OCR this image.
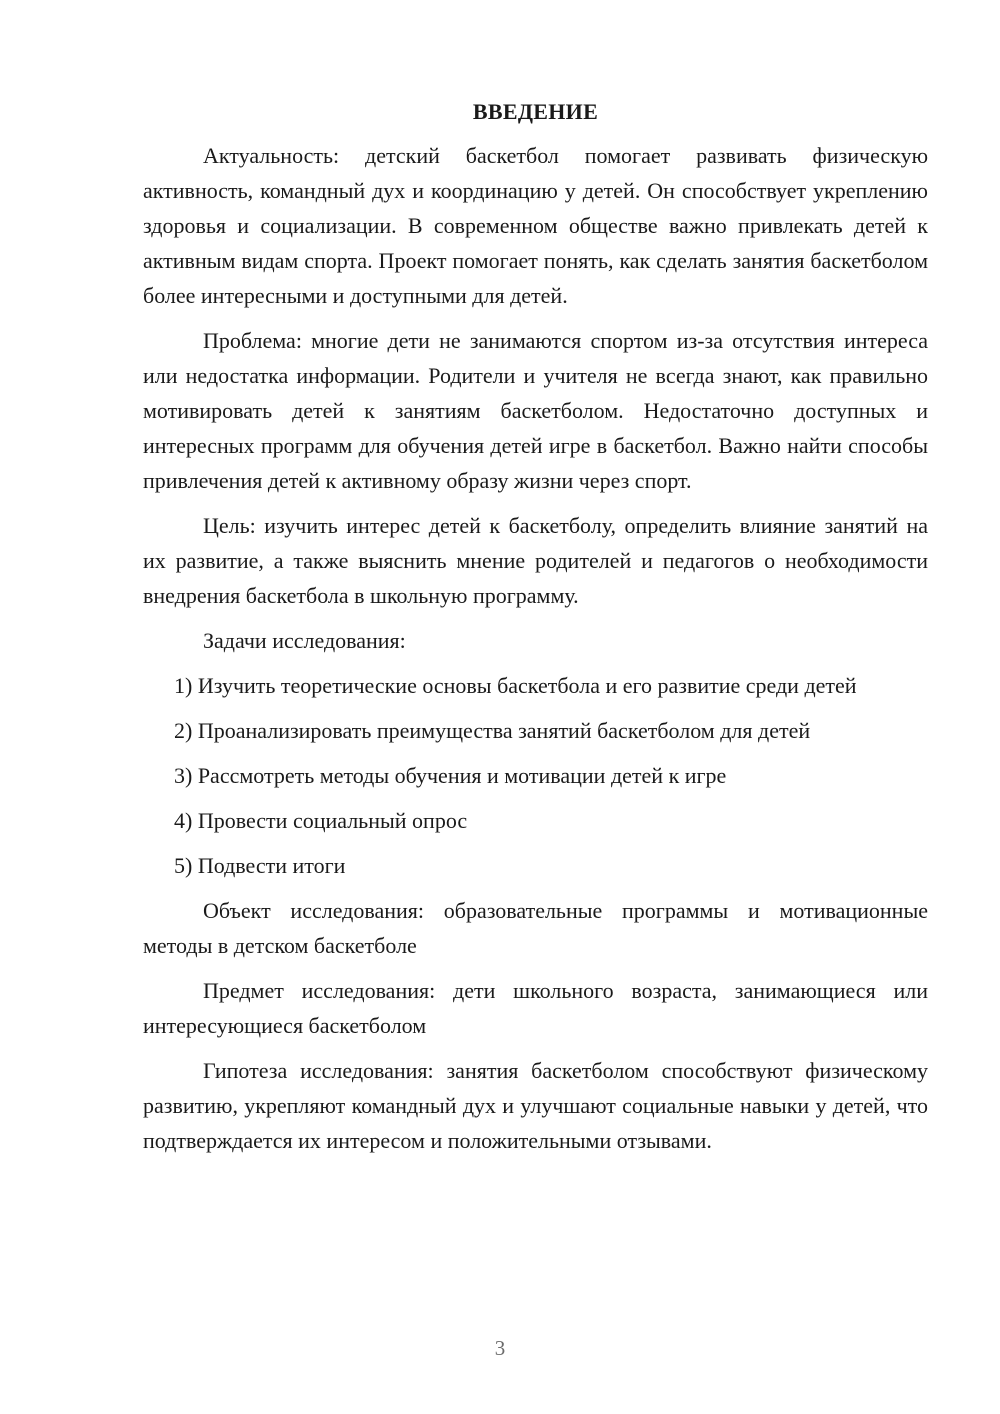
ВВЕДЕНИЕ

Актуальность: детский баскетбол помогает развивать физическую активность, командный дух и координацию у детей. Он способствует укреплению здоровья и социализации. В современном обществе важно привлекать детей к активным видам спорта. Проект помогает понять, как сделать занятия баскетболом более интересными и доступными для детей.

Проблема: многие дети не занимаются спортом из-за отсутствия интереса или недостатка информации. Родители и учителя не всегда знают, как правильно мотивировать детей к занятиям баскетболом. Недостаточно доступных и интересных программ для обучения детей игре в баскетбол. Важно найти способы привлечения детей к активному образу жизни через спорт.

Цель: изучить интерес детей к баскетболу, определить влияние занятий на их развитие, а также выяснить мнение родителей и педагогов о необходимости внедрения баскетбола в школьную программу.

Задачи исследования:

1) Изучить теоретические основы баскетбола и его развитие среди детей

2) Проанализировать преимущества занятий баскетболом для детей

3) Рассмотреть методы обучения и мотивации детей к игре

4) Провести социальный опрос

5) Подвести итоги

Объект исследования: образовательные программы и мотивационные методы в детском баскетболе

Предмет исследования: дети школьного возраста, занимающиеся или интересующиеся баскетболом

Гипотеза исследования: занятия баскетболом способствуют физическому развитию, укрепляют командный дух и улучшают социальные навыки у детей, что подтверждается их интересом и положительными отзывами.

3
